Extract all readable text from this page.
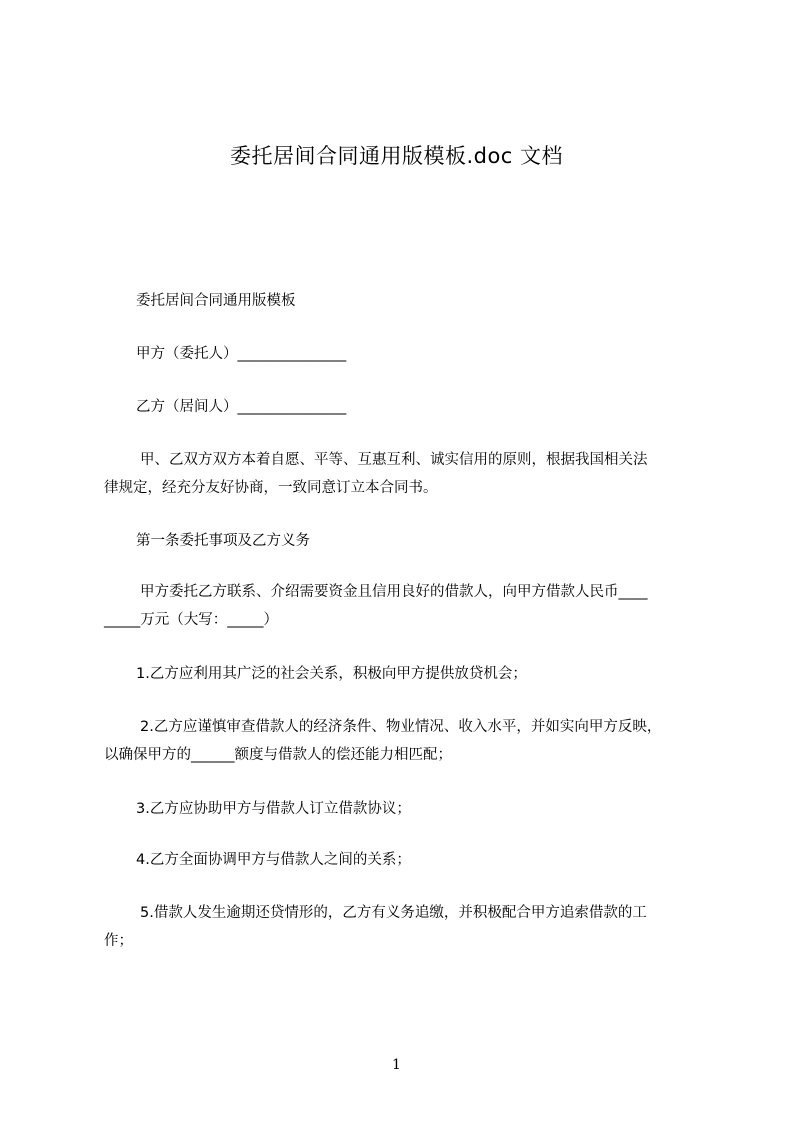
委托居间合同通用版模板.doc 文档
委托居间合同通用版模板
甲方（委托人）_______________
乙方（居间人）_______________
甲、乙双方双方本着自愿、平等、互惠互利、诚实信用的原则，根据我国相关法
律规定，经充分友好协商，一致同意订立本合同书。
第一条委托事项及乙方义务
甲方委托乙方联系、介绍需要资金且信用良好的借款人，向甲方借款人民币____
_____万元（大写：_____）
1.乙方应利用其广泛的社会关系，积极向甲方提供放贷机会；
2.乙方应谨慎审查借款人的经济条件、物业情况、收入水平，并如实向甲方反映，
以确保甲方的______额度与借款人的偿还能力相匹配；
3.乙方应协助甲方与借款人订立借款协议；
4.乙方全面协调甲方与借款人之间的关系；
5.借款人发生逾期还贷情形的，乙方有义务追缴，并积极配合甲方追索借款的工
作；
1
